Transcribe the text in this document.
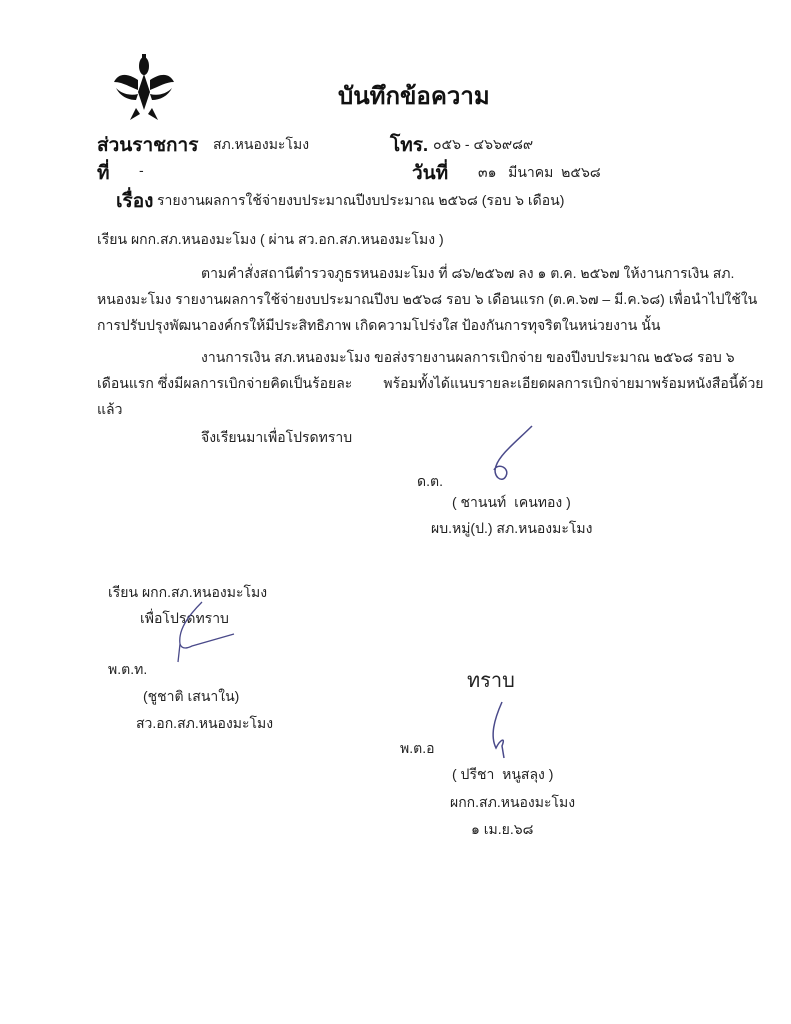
บันทึกข้อความ
ส่วนราชการ สภ.หนองมะโมง	โทร. ๐๕๖ - ๔๖๖๙๘๙
ที่ -	วันที่ ๓๑   มีนาคม  ๒๕๖๘
เรื่อง รายงานผลการใช้จ่ายงบประมาณปีงบประมาณ ๒๕๖๘ (รอบ ๖ เดือน)
เรียน ผกก.สภ.หนองมะโมง ( ผ่าน สว.อก.สภ.หนองมะโมง )
ตามคำสั่งสถานีตำรวจภูธรหนองมะโมง ที่ ๘๖/๒๕๖๗ ลง ๑ ต.ค. ๒๕๖๗ ให้งานการเงิน สภ.
หนองมะโมง รายงานผลการใช้จ่ายงบประมาณปีงบ ๒๕๖๘ รอบ ๖ เดือนแรก (ต.ค.๖๗ – มี.ค.๖๘) เพื่อนำไปใช้ใน
การปรับปรุงพัฒนาองค์กรให้มีประสิทธิภาพ เกิดความโปร่งใส ป้องกันการทุจริตในหน่วยงาน นั้น
งานการเงิน สภ.หนองมะโมง ขอส่งรายงานผลการเบิกจ่าย ของปีงบประมาณ ๒๕๖๘ รอบ ๖
เดือนแรก ซึ่งมีผลการเบิกจ่ายคิดเป็นร้อยละ        พร้อมทั้งได้แนบรายละเอียดผลการเบิกจ่ายมาพร้อมหนังสือนี้ด้วย
แล้ว
จึงเรียนมาเพื่อโปรดทราบ
ด.ต.
( ชานนท์  เคนทอง )
ผบ.หมู่(ป.) สภ.หนองมะโมง
เรียน ผกก.สภ.หนองมะโมง
เพื่อโปรดทราบ
พ.ต.ท.
(ชูชาติ เสนาใน)
สว.อก.สภ.หนองมะโมง
ทราบ
พ.ต.อ
( ปรีชา  หนูสลุง )
ผกก.สภ.หนองมะโมง
๑ เม.ย.๖๘
